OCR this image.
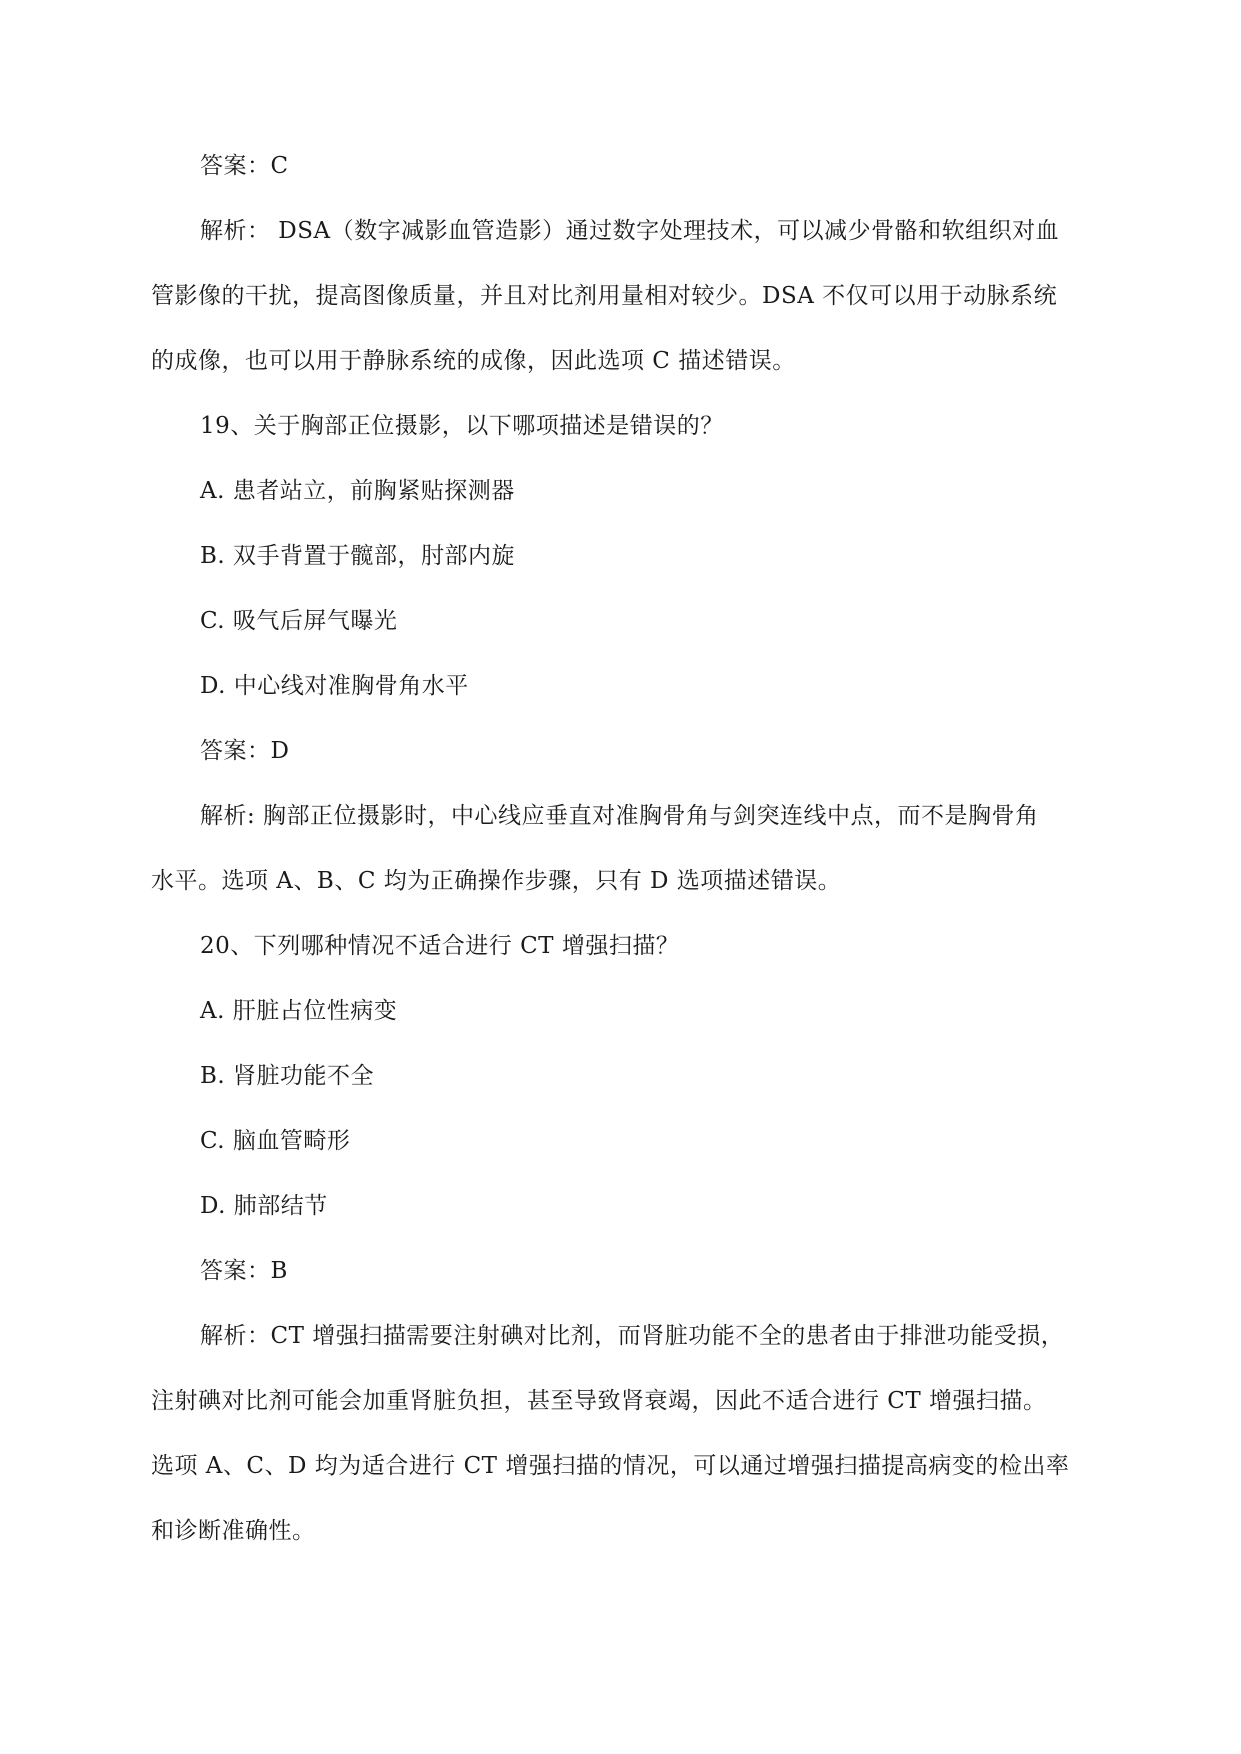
答案：C
解析： DSA（数字减影血管造影）通过数字处理技术，可以减少骨骼和软组织对血
管影像的干扰，提高图像质量，并且对比剂用量相对较少。DSA 不仅可以用于动脉系统
的成像，也可以用于静脉系统的成像，因此选项 C 描述错误。
19、关于胸部正位摄影，以下哪项描述是错误的？
A. 患者站立，前胸紧贴探测器
B. 双手背置于髋部，肘部内旋
C. 吸气后屏气曝光
D. 中心线对准胸骨角水平
答案：D
解析: 胸部正位摄影时，中心线应垂直对准胸骨角与剑突连线中点，而不是胸骨角
水平。选项 A、B、C 均为正确操作步骤，只有 D 选项描述错误。
20、下列哪种情况不适合进行 CT 增强扫描？
A. 肝脏占位性病变
B. 肾脏功能不全
C. 脑血管畸形
D. 肺部结节
答案：B
解析：CT 增强扫描需要注射碘对比剂，而肾脏功能不全的患者由于排泄功能受损，
注射碘对比剂可能会加重肾脏负担，甚至导致肾衰竭，因此不适合进行 CT 增强扫描。
选项 A、C、D 均为适合进行 CT 增强扫描的情况，可以通过增强扫描提高病变的检出率
和诊断准确性。
